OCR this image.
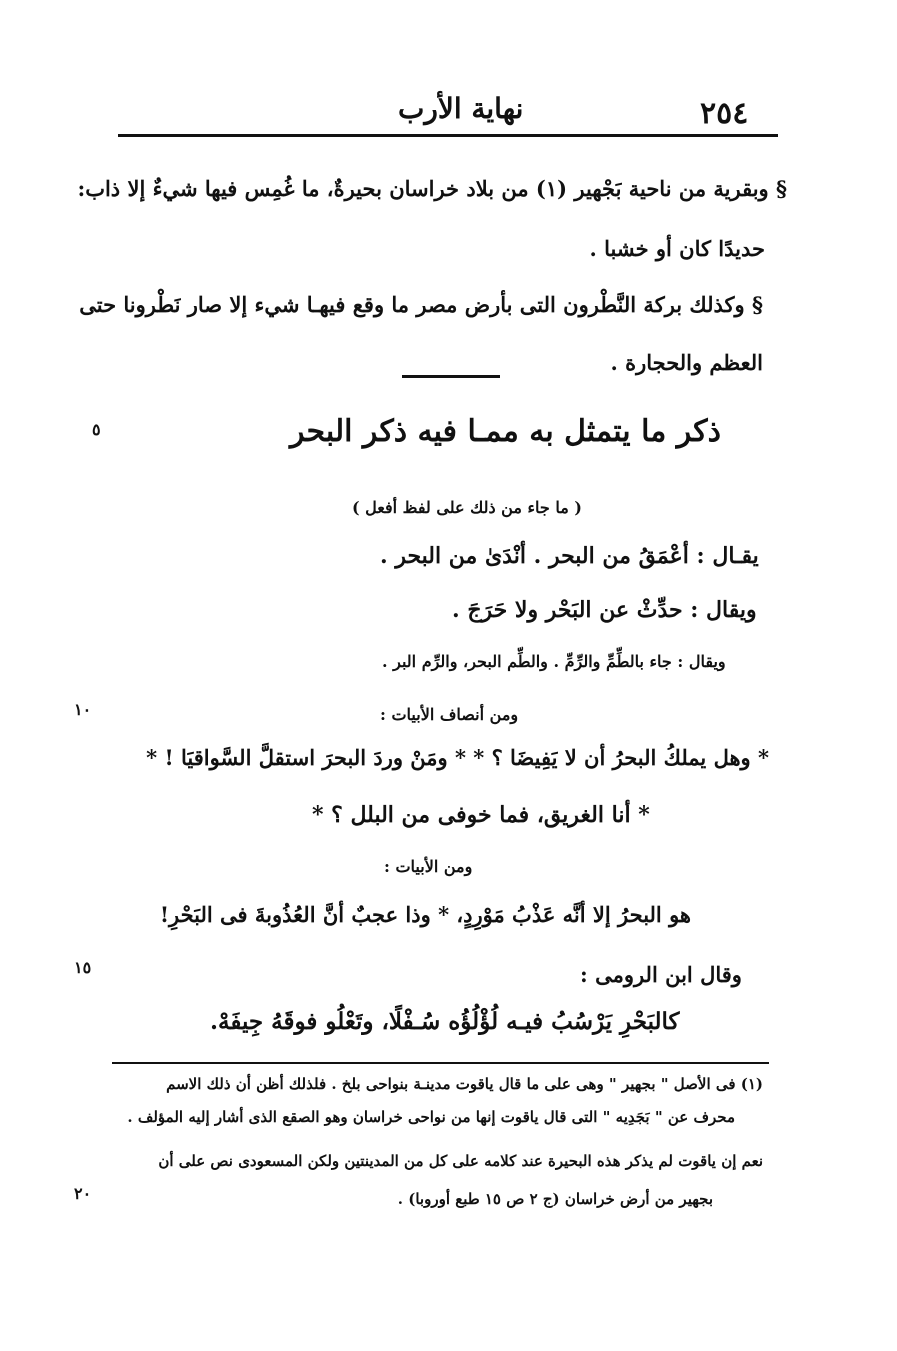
٢٥٤
نهاية الأرب
§ وبقرية من ناحية بَجْهير (١) من بلاد خراسان بحيرةٌ، ما غُمِس فيها شيءٌ إلا ذاب:
حديدًا كان أو خشبا .
§ وكذلك بركة النَّطْرون التى بأرض مصر ما وقع فيهـا شيء إلا صار نَطْرونا حتى
العظم والحجارة .
ذكر ما يتمثل به ممـا فيه ذكر البحر
( ما جاء من ذلك على لفظ أفعل )
يقـال : أعْمَقُ من البحر . أنْدَىٰ من البحر .
ويقال : حدِّثْ عن البَحْر ولا حَرَجَ .
ويقال : جاء بالطِّمِّ والرِّمِّ . والطِّم البحر، والرِّم البر .
ومن أنصاف الأبيات :
* وهل يملكُ البحرُ أن لا يَفِيضَا ؟ * * ومَنْ وردَ البحرَ استقلَّ السَّواقيَا ! *
* أنا الغريق، فما خوفى من البلل ؟ *
ومن الأبيات :
هو البحرُ إلا أنَّه عَذْبُ مَوْرِدٍ، * وذا عجبٌ أنَّ العُذُوبةَ فى البَحْرِ!
وقال ابن الرومى :
كالبَحْرِ يَرْسُبُ فيـه لُؤْلُؤُه سُـفْلًا، وتَعْلُو فوقَهُ جِيفَهْ.
٥
١٠
١٥
٢٠
(١) فى الأصل " بجهير " وهى على ما قال ياقوت مدينـة بنواحى بلخ . فلذلك أظن أن ذلك الاسم
محرف عن " بَجَدِيه " التى قال ياقوت إنها من نواحى خراسان وهو الصقع الذى أشار إليه المؤلف .
نعم إن ياقوت لم يذكر هذه البحيرة عند كلامه على كل من المدينتين ولكن المسعودى نص على أن
بجهير من أرض خراسان (ج ٢ ص ١٥ طبع أوروبا) .
